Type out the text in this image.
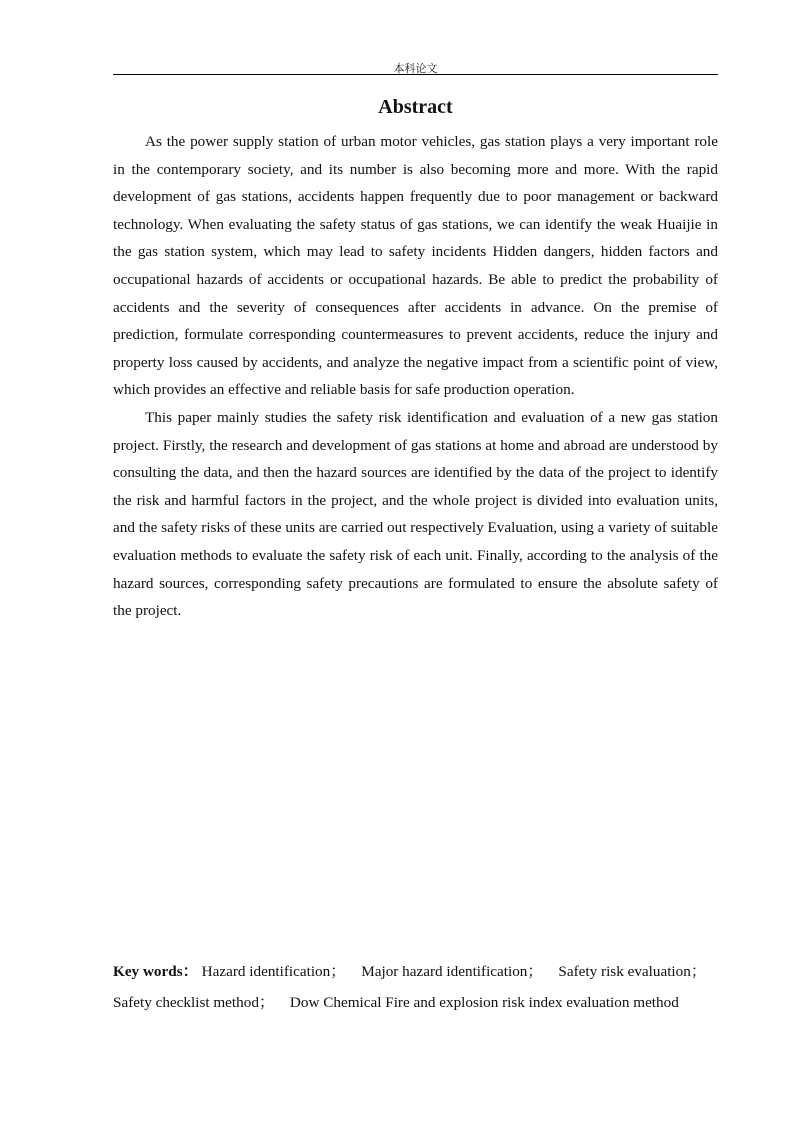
本科论文
Abstract

As the power supply station of urban motor vehicles, gas station plays a very important role in the contemporary society, and its number is also becoming more and more. With the rapid development of gas stations, accidents happen frequently due to poor management or backward technology. When evaluating the safety status of gas stations, we can identify the weak Huaijie in the gas station system, which may lead to safety incidents Hidden dangers, hidden factors and occupational hazards of accidents or occupational hazards. Be able to predict the probability of accidents and the severity of consequences after accidents in advance. On the premise of prediction, formulate corresponding countermeasures to prevent accidents, reduce the injury and property loss caused by accidents, and analyze the negative impact from a scientific point of view, which provides an effective and reliable basis for safe production operation.

This paper mainly studies the safety risk identification and evaluation of a new gas station project. Firstly, the research and development of gas stations at home and abroad are understood by consulting the data, and then the hazard sources are identified by the data of the project to identify the risk and harmful factors in the project, and the whole project is divided into evaluation units, and the safety risks of these units are carried out respectively Evaluation, using a variety of suitable evaluation methods to evaluate the safety risk of each unit. Finally, according to the analysis of the hazard sources, corresponding safety precautions are formulated to ensure the absolute safety of the project.

Key words： Hazard identification； Major hazard identification； Safety risk evaluation； Safety checklist method； Dow Chemical Fire and explosion risk index evaluation method
